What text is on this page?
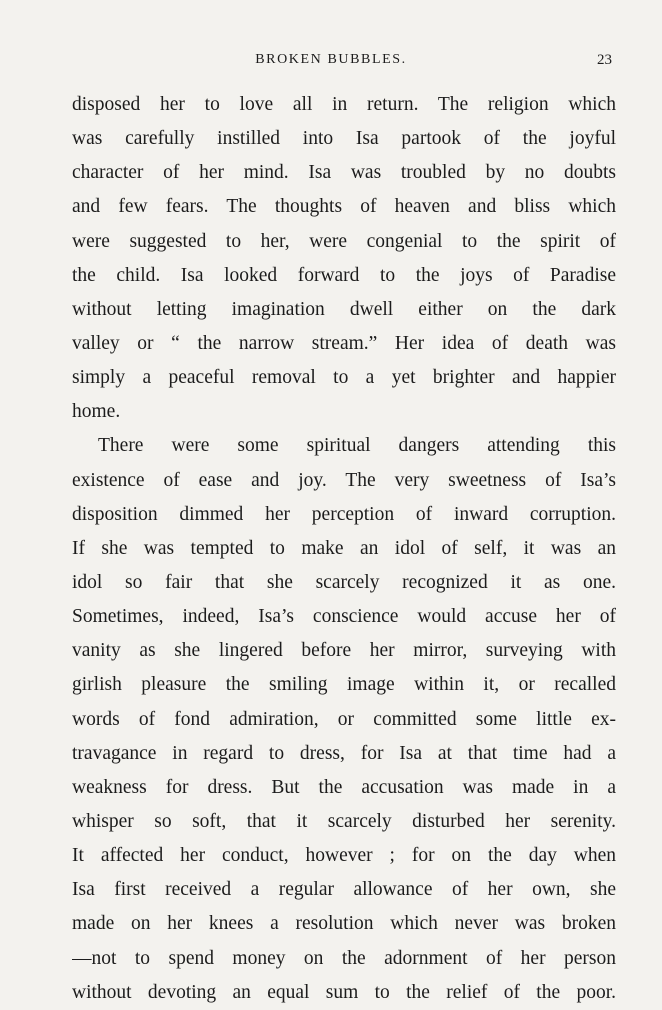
BROKEN BUBBLES.	23
disposed her to love all in return. The religion which
was carefully instilled into Isa partook of the joyful
character of her mind. Isa was troubled by no doubts
and few fears. The thoughts of heaven and bliss which
were suggested to her, were congenial to the spirit of
the child. Isa looked forward to the joys of Paradise
without letting imagination dwell either on the dark
valley or “ the narrow stream.” Her idea of death was
simply a peaceful removal to a yet brighter and happier
home.
There were some spiritual dangers attending this
existence of ease and joy. The very sweetness of Isa’s
disposition dimmed her perception of inward corruption.
If she was tempted to make an idol of self, it was an
idol so fair that she scarcely recognized it as one.
Sometimes, indeed, Isa’s conscience would accuse her of
vanity as she lingered before her mirror, surveying with
girlish pleasure the smiling image within it, or recalled
words of fond admiration, or committed some little ex-
travagance in regard to dress, for Isa at that time had a
weakness for dress. But the accusation was made in a
whisper so soft, that it scarcely disturbed her serenity.
It affected her conduct, however ; for on the day when
Isa first received a regular allowance of her own, she
made on her knees a resolution which never was broken
—not to spend money on the adornment of her person
without devoting an equal sum to the relief of the poor.
